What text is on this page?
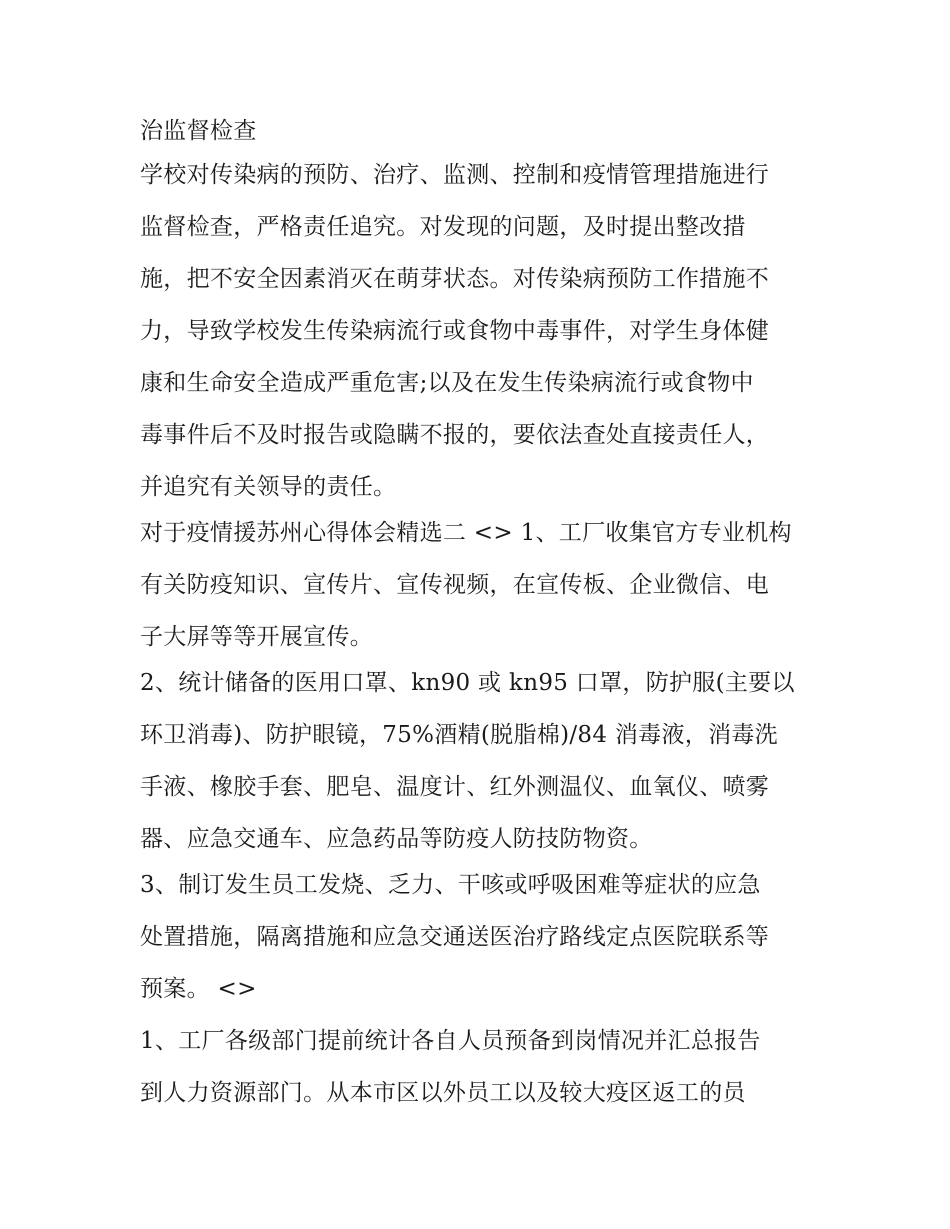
治监督检查
学校对传染病的预防、治疗、监测、控制和疫情管理措施进行
监督检查，严格责任追究。对发现的问题，及时提出整改措
施，把不安全因素消灭在萌芽状态。对传染病预防工作措施不
力，导致学校发生传染病流行或食物中毒事件，对学生身体健
康和生命安全造成严重危害;以及在发生传染病流行或食物中
毒事件后不及时报告或隐瞒不报的，要依法查处直接责任人，
并追究有关领导的责任。
对于疫情援苏州心得体会精选二 <> 1、工厂收集官方专业机构
有关防疫知识、宣传片、宣传视频，在宣传板、企业微信、电
子大屏等等开展宣传。
2、统计储备的医用口罩、kn90 或 kn95 口罩，防护服(主要以
环卫消毒)、防护眼镜，75%酒精(脱脂棉)/84 消毒液，消毒洗
手液、橡胶手套、肥皂、温度计、红外测温仪、血氧仪、喷雾
器、应急交通车、应急药品等防疫人防技防物资。
3、制订发生员工发烧、乏力、干咳或呼吸困难等症状的应急
处置措施，隔离措施和应急交通送医治疗路线定点医院联系等
预案。 <>
1、工厂各级部门提前统计各自人员预备到岗情况并汇总报告
到人力资源部门。从本市区以外员工以及较大疫区返工的员
